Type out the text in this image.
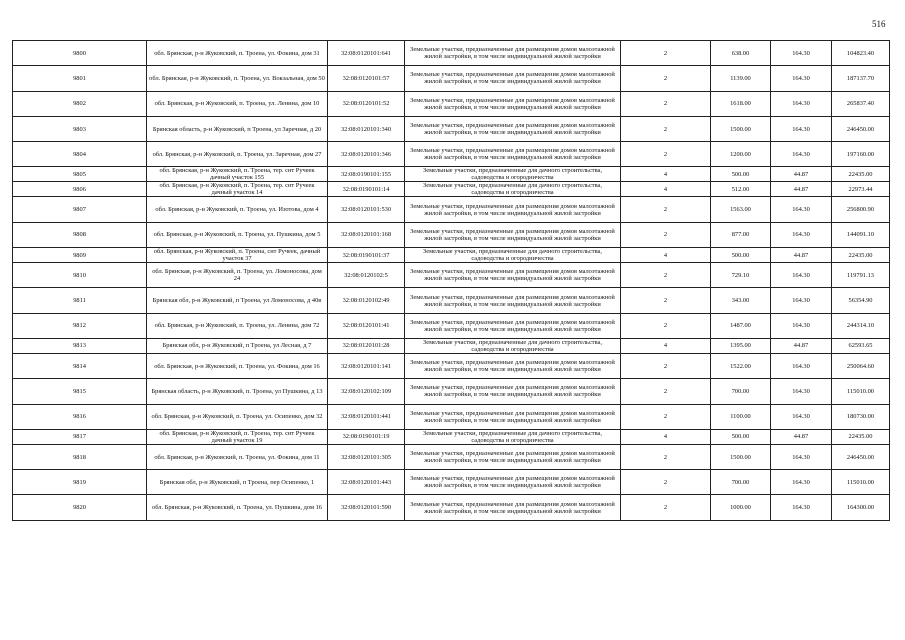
516
9800	обл. Брянская, р-н Жуковский, п. Троена, ул. Фокина, дом 31	32:08:0120101:641	Земельные участки, предназначенные для размещения домов малоэтажной жилой застройки, в том числе индивидуальной жилой застройки	2	638.00	164.30	104823.40
9801	обл. Брянская, р-н Жуковский, п. Троена, ул. Вокзальная, дом 50	32:08:0120101:57	Земельные участки, предназначенные для размещения домов малоэтажной жилой застройки, в том числе индивидуальной жилой застройки	2	1139.00	164.30	187137.70
9802	обл. Брянская, р-н Жуковский, п. Троена, ул. Ленина, дом 10	32:08:0120101:52	Земельные участки, предназначенные для размещения домов малоэтажной жилой застройки, в том числе индивидуальной жилой застройки	2	1618.00	164.30	265837.40
9803	Брянская область, р-н Жуковский, п Троена, ул Заречная, д 20	32:08:0120101:340	Земельные участки, предназначенные для размещения домов малоэтажной жилой застройки, в том числе индивидуальной жилой застройки	2	1500.00	164.30	246450.00
9804	обл. Брянская, р-н Жуковский, п. Троена, ул. Заречная, дом 27	32:08:0120101:346	Земельные участки, предназначенные для размещения домов малоэтажной жилой застройки, в том числе индивидуальной жилой застройки	2	1200.00	164.30	197160.00
9805	обл. Брянская, р-н Жуковский, п. Троена, тер. снт Ручеек дачный участок 155	32:08:0190101:155	Земельные участки, предназначенные для дачного строительства, садоводства и огородничества	4	500.00	44.87	22435.00
9806	обл. Брянская, р-н Жуковский, п. Троена, тер. снт Ручеек дачный участок 14	32:08:0190101:14	Земельные участки, предназначенные для дачного строительства, садоводства и огородничества	4	512.00	44.87	22973.44
9807	обл. Брянская, р-н Жуковский, п. Троена, ул. Изотова, дом 4	32:08:0120101:530	Земельные участки, предназначенные для размещения домов малоэтажной жилой застройки, в том числе индивидуальной жилой застройки	2	1563.00	164.30	256800.90
9808	обл. Брянская, р-н Жуковский, п. Троена, ул. Пушкина, дом 5	32:08:0120101:168	Земельные участки, предназначенные для размещения домов малоэтажной жилой застройки, в том числе индивидуальной жилой застройки	2	877.00	164.30	144091.10
9809	обл. Брянская, р-н Жуковский, п. Троена, снт Ручеек, дачный участок 37	32:08:0190101:37	Земельные участки, предназначенные для дачного строительства, садоводства и огородничества	4	500.00	44.87	22435.00
9810	обл. Брянская, р-н Жуковский, п. Троена, ул. Ломоносова, дом 24	32:08:0120102:5	Земельные участки, предназначенные для размещения домов малоэтажной жилой застройки, в том числе индивидуальной жилой застройки	2	729.10	164.30	119791.13
9811	Брянская обл, р-н Жуковский, п Троена, ул Ломоносова, д 40в	32:08:0120102:49	Земельные участки, предназначенные для размещения домов малоэтажной жилой застройки, в том числе индивидуальной жилой застройки	2	343.00	164.30	56354.90
9812	обл. Брянская, р-н Жуковский, п. Троена, ул. Ленина, дом 72	32:08:0120101:41	Земельные участки, предназначенные для размещения домов малоэтажной жилой застройки, в том числе индивидуальной жилой застройки	2	1487.00	164.30	244314.10
9813	Брянская обл, р-н Жуковский, п Троена, ул Лесная, д 7	32:08:0120101:28	Земельные участки, предназначенные для дачного строительства, садоводства и огородничества	4	1395.00	44.87	62593.65
9814	обл. Брянская, р-н Жуковский, п. Троена, ул. Фокина, дом 16	32:08:0120101:141	Земельные участки, предназначенные для размещения домов малоэтажной жилой застройки, в том числе индивидуальной жилой застройки	2	1522.00	164.30	250064.60
9815	Брянская область, р-н Жуковский, п. Троена, ул Пушкина, д 13	32:08:0120102:109	Земельные участки, предназначенные для размещения домов малоэтажной жилой застройки, в том числе индивидуальной жилой застройки	2	700.00	164.30	115010.00
9816	обл. Брянская, р-н Жуковский, п. Троена, ул. Осипенко, дом 32	32:08:0120101:441	Земельные участки, предназначенные для размещения домов малоэтажной жилой застройки, в том числе индивидуальной жилой застройки	2	1100.00	164.30	180730.00
9817	обл. Брянская, р-н Жуковский, п. Троена, тер. снт Ручеек дачный участок 19	32:08:0190101:19	Земельные участки, предназначенные для дачного строительства, садоводства и огородничества	4	500.00	44.87	22435.00
9818	обл. Брянская, р-н Жуковский, п. Троена, ул. Фокина, дом 11	32:08:0120101:305	Земельные участки, предназначенные для размещения домов малоэтажной жилой застройки, в том числе индивидуальной жилой застройки	2	1500.00	164.30	246450.00
9819	Брянская обл, р-н Жуковский, п Троена, пер Осипенко, 1	32:08:0120101:443	Земельные участки, предназначенные для размещения домов малоэтажной жилой застройки, в том числе индивидуальной жилой застройки	2	700.00	164.30	115010.00
9820	обл. Брянская, р-н Жуковский, п. Троена, ул. Пушкина, дом 16	32:08:0120101:590	Земельные участки, предназначенные для размещения домов малоэтажной жилой застройки, в том числе индивидуальной жилой застройки	2	1000.00	164.30	164300.00
